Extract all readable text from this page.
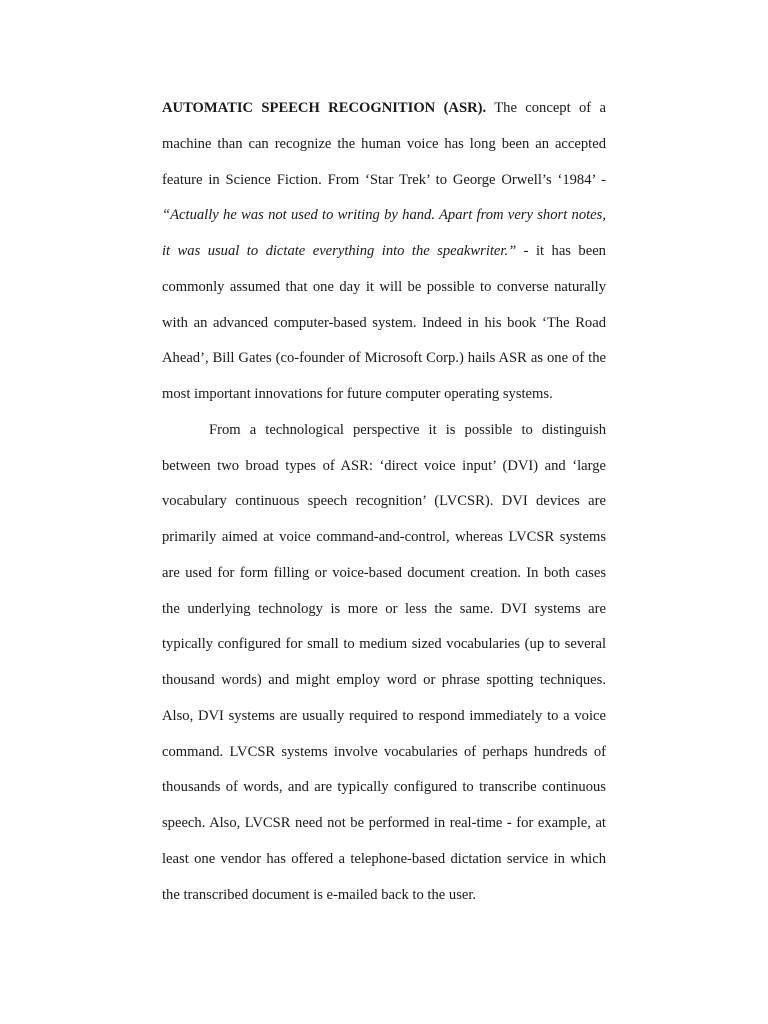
AUTOMATIC SPEECH RECOGNITION (ASR). The concept of a machine than can recognize the human voice has long been an accepted feature in Science Fiction. From ‘Star Trek’ to George Orwell’s ‘1984’ - “Actually he was not used to writing by hand. Apart from very short notes, it was usual to dictate everything into the speakwriter.” - it has been commonly assumed that one day it will be possible to converse naturally with an advanced computer-based system. Indeed in his book ‘The Road Ahead’, Bill Gates (co-founder of Microsoft Corp.) hails ASR as one of the most important innovations for future computer operating systems.

From a technological perspective it is possible to distinguish between two broad types of ASR: ‘direct voice input’ (DVI) and ‘large vocabulary continuous speech recognition’ (LVCSR). DVI devices are primarily aimed at voice command-and-control, whereas LVCSR systems are used for form filling or voice-based document creation. In both cases the underlying technology is more or less the same. DVI systems are typically configured for small to medium sized vocabularies (up to several thousand words) and might employ word or phrase spotting techniques. Also, DVI systems are usually required to respond immediately to a voice command. LVCSR systems involve vocabularies of perhaps hundreds of thousands of words, and are typically configured to transcribe continuous speech. Also, LVCSR need not be performed in real-time - for example, at least one vendor has offered a telephone-based dictation service in which the transcribed document is e-mailed back to the user.
